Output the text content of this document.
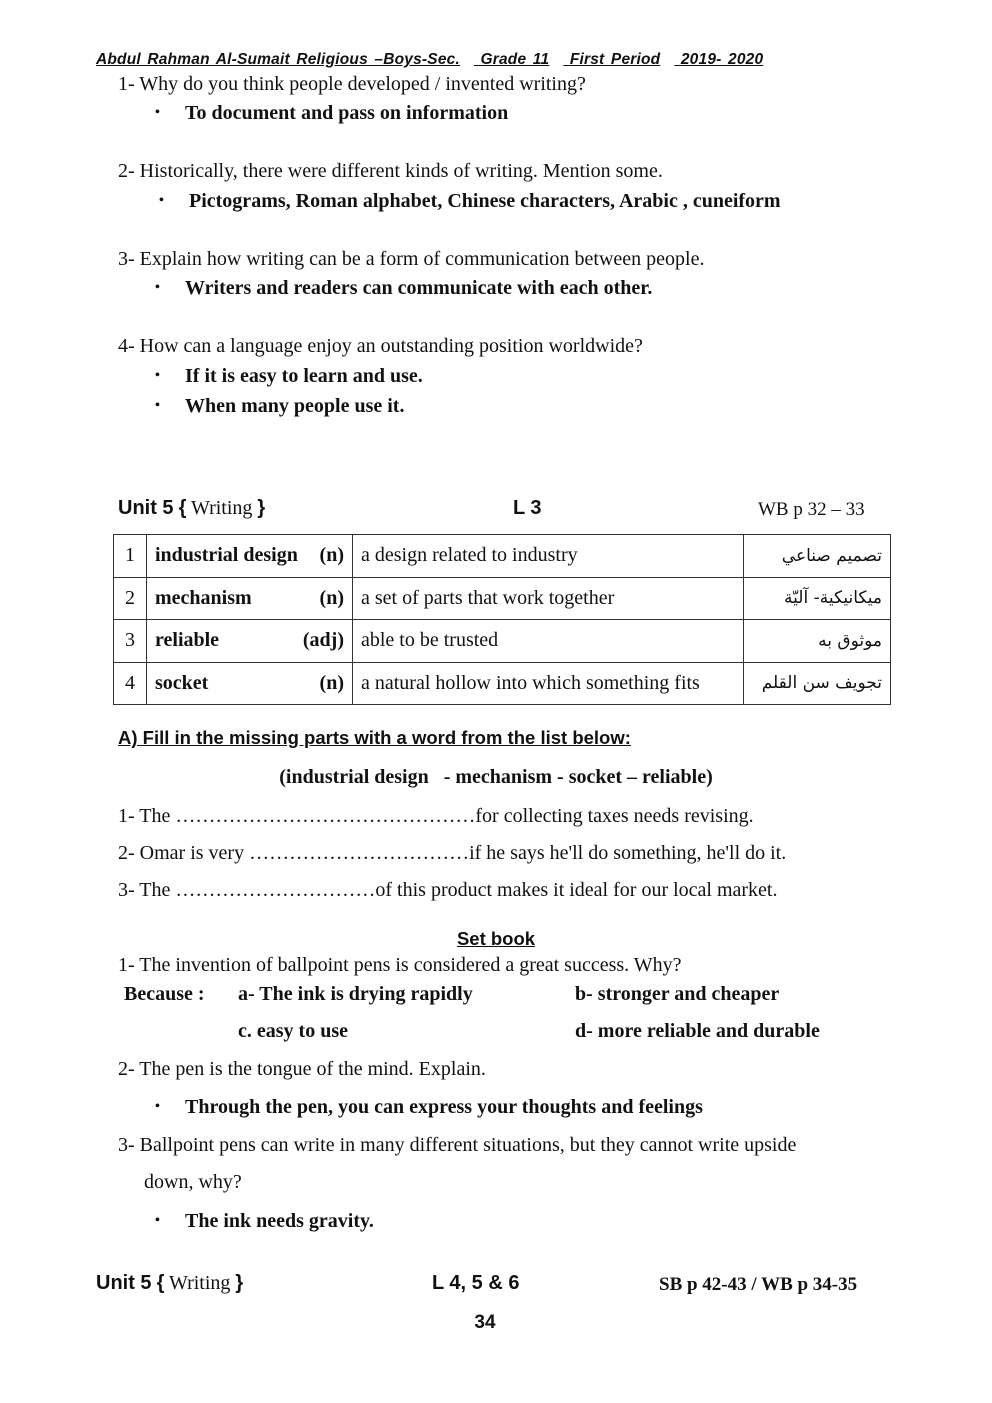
Abdul Rahman Al-Sumait Religious –Boys-Sec. Grade 11 First Period 2019- 2020
1- Why do you think people developed / invented writing?
• To document and pass on information
2- Historically, there were different kinds of writing. Mention some.
• Pictograms, Roman alphabet, Chinese characters, Arabic , cuneiform
3- Explain how writing can be a form of communication between people.
• Writers and readers can communicate with each other.
4- How can a language enjoy an outstanding position worldwide?
• If it is easy to learn and use.
• When many people use it.
Unit 5 { Writing }	L 3	WB p 32 – 33
1	industrial design (n)	a design related to industry	تصميم صناعي
2	mechanism (n)	a set of parts that work together	ميكانيكية- آليّة
3	reliable (adj)	able to be trusted	موثوق به
4	socket (n)	a natural hollow into which something fits	تجويف سن القلم
A) Fill in the missing parts with a word from the list below:
(industrial design   - mechanism - socket – reliable)
1- The ………………………………………for collecting taxes needs revising.
2- Omar is very ……………………………if he says he'll do something, he'll do it.
3- The …………………………of this product makes it ideal for our local market.
Set book
1- The invention of ballpoint pens is considered a great success. Why?
Because : a- The ink is drying rapidly	b- stronger and cheaper
c. easy to use	d- more reliable and durable
2- The pen is the tongue of the mind. Explain.
• Through the pen, you can express your thoughts and feelings
3- Ballpoint pens can write in many different situations, but they cannot write upside
down, why?
• The ink needs gravity.
Unit 5 { Writing }	L 4, 5 & 6	SB p 42-43 / WB p 34-35
34
